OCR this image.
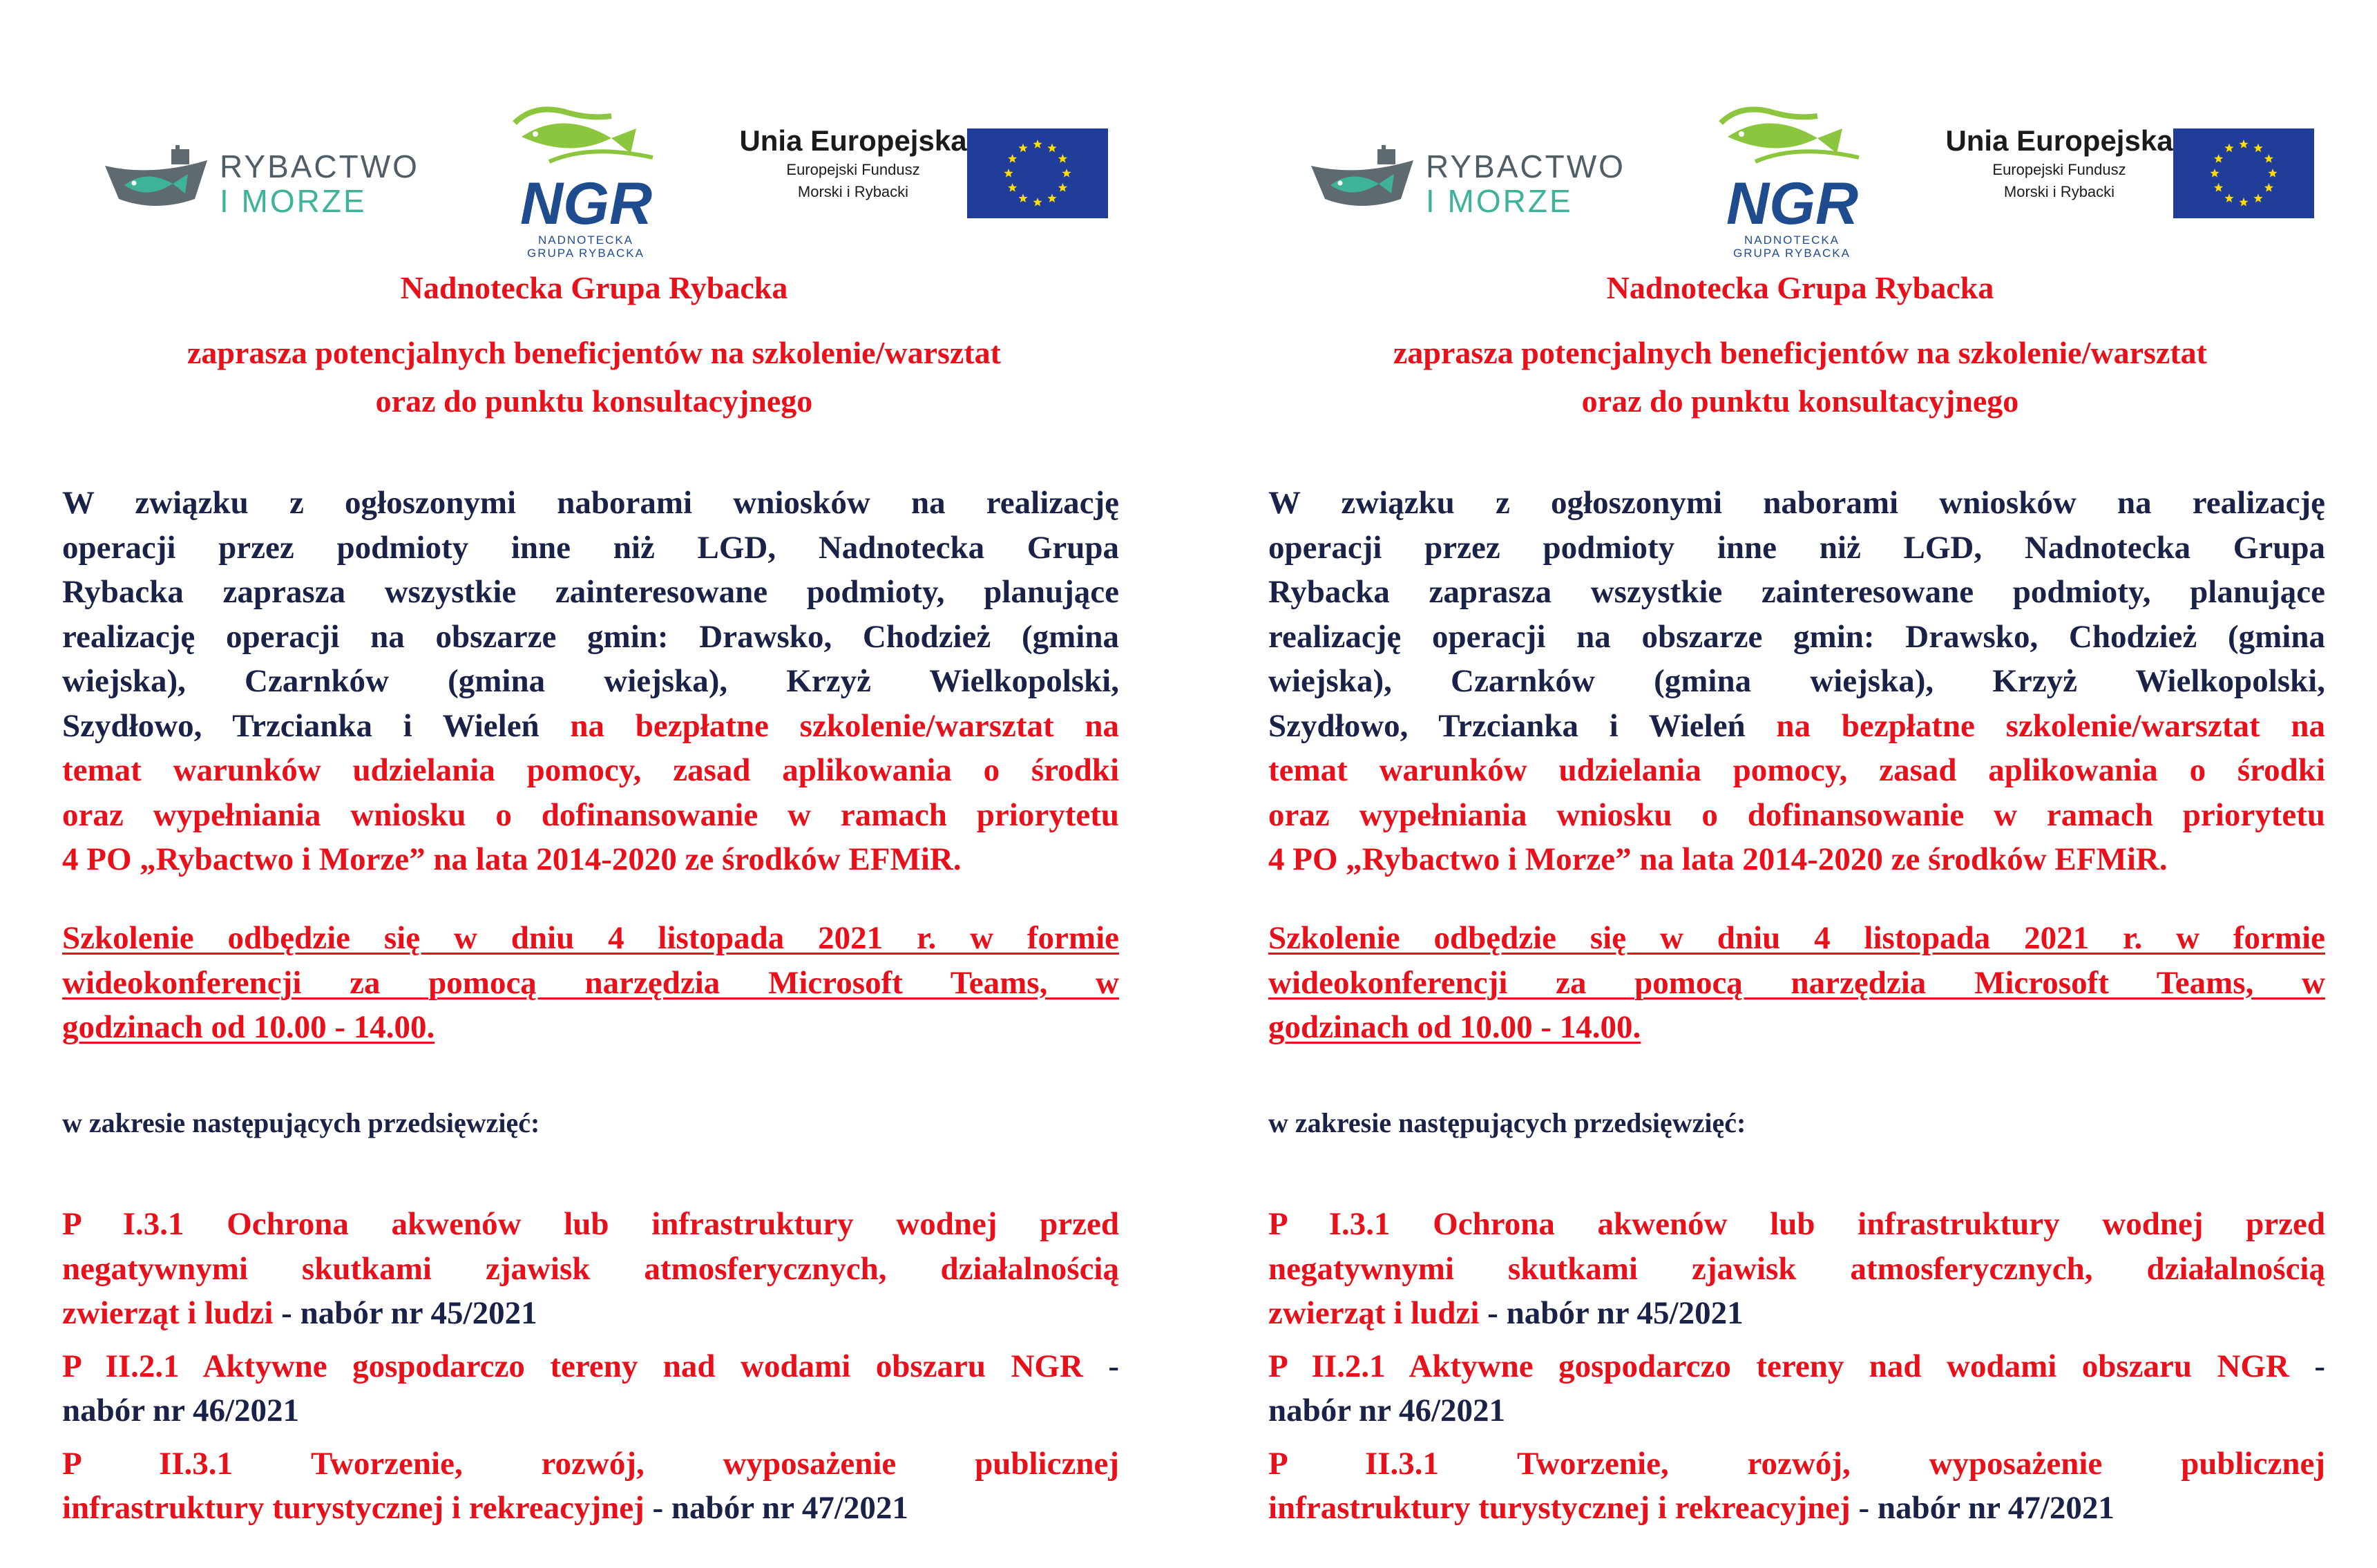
RYBACTWO
I MORZE	NGR
NADNOTECKA
GRUPA RYBACKA
Unia Europejska
Europejski Fundusz
Morski i Rybacki
Nadnotecka Grupa Rybacka
zaprasza potencjalnych beneficjentów na szkolenie/warsztat
oraz do punktu konsultacyjnego
W związku z ogłoszonymi naborami wniosków na realizację
operacji przez podmioty inne niż LGD, Nadnotecka Grupa
Rybacka zaprasza wszystkie zainteresowane podmioty, planujące
realizację operacji na obszarze gmin: Drawsko, Chodzież (gmina
wiejska), Czarnków (gmina wiejska), Krzyż Wielkopolski,
Szydłowo, Trzcianka i Wieleń na bezpłatne szkolenie/warsztat na
temat warunków udzielania pomocy, zasad aplikowania o środki
oraz wypełniania wniosku o dofinansowanie w ramach priorytetu
4 PO „Rybactwo i Morze” na lata 2014-2020 ze środków EFMiR.
Szkolenie odbędzie się w dniu 4 listopada 2021 r. w formie
wideokonferencji za pomocą narzędzia Microsoft Teams, w
godzinach od 10.00 - 14.00.
w zakresie następujących przedsięwzięć:
P I.3.1 Ochrona akwenów lub infrastruktury wodnej przed
negatywnymi skutkami zjawisk atmosferycznych, działalnością
zwierząt i ludzi - nabór nr 45/2021
P II.2.1 Aktywne gospodarczo tereny nad wodami obszaru NGR -
nabór nr 46/2021
P II.3.1 Tworzenie, rozwój, wyposażenie publicznej
infrastruktury turystycznej i rekreacyjnej - nabór nr 47/2021
RYBACTWO
I MORZE	NGR
NADNOTECKA
GRUPA RYBACKA
Unia Europejska
Europejski Fundusz
Morski i Rybacki
Nadnotecka Grupa Rybacka
zaprasza potencjalnych beneficjentów na szkolenie/warsztat
oraz do punktu konsultacyjnego
W związku z ogłoszonymi naborami wniosków na realizację
operacji przez podmioty inne niż LGD, Nadnotecka Grupa
Rybacka zaprasza wszystkie zainteresowane podmioty, planujące
realizację operacji na obszarze gmin: Drawsko, Chodzież (gmina
wiejska), Czarnków (gmina wiejska), Krzyż Wielkopolski,
Szydłowo, Trzcianka i Wieleń na bezpłatne szkolenie/warsztat na
temat warunków udzielania pomocy, zasad aplikowania o środki
oraz wypełniania wniosku o dofinansowanie w ramach priorytetu
4 PO „Rybactwo i Morze” na lata 2014-2020 ze środków EFMiR.
Szkolenie odbędzie się w dniu 4 listopada 2021 r. w formie
wideokonferencji za pomocą narzędzia Microsoft Teams, w
godzinach od 10.00 - 14.00.
w zakresie następujących przedsięwzięć:
P I.3.1 Ochrona akwenów lub infrastruktury wodnej przed
negatywnymi skutkami zjawisk atmosferycznych, działalnością
zwierząt i ludzi - nabór nr 45/2021
P II.2.1 Aktywne gospodarczo tereny nad wodami obszaru NGR -
nabór nr 46/2021
P II.3.1 Tworzenie, rozwój, wyposażenie publicznej
infrastruktury turystycznej i rekreacyjnej - nabór nr 47/2021
